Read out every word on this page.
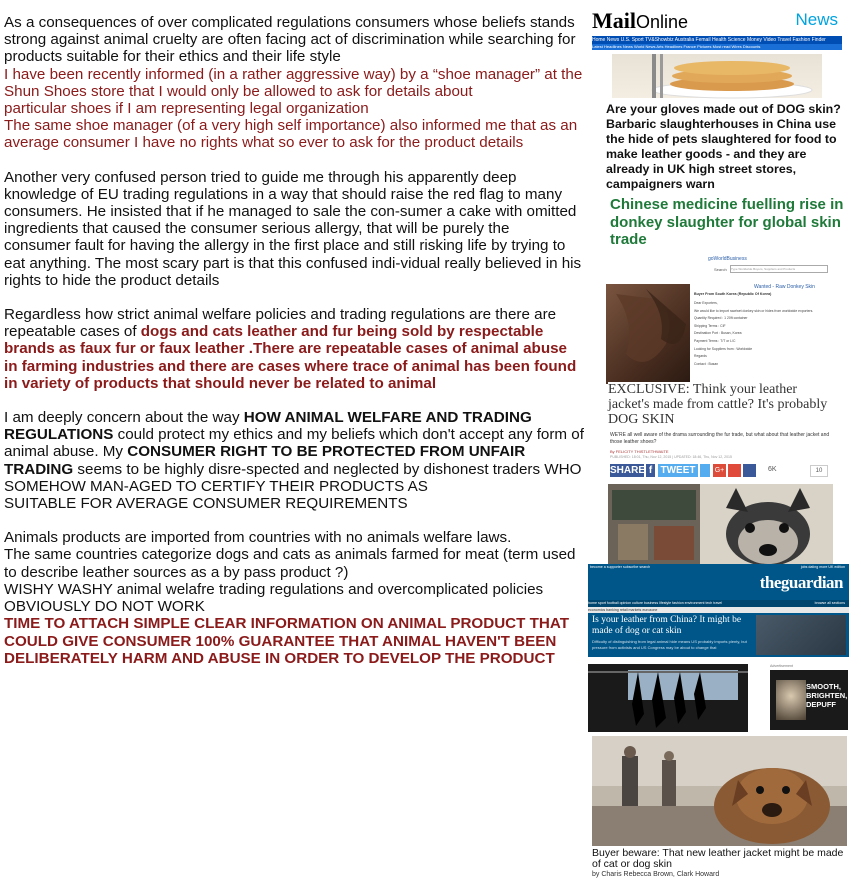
As a consequences of over complicated regulations consumers whose beliefs stands strong against animal cruelty are often facing act of discrimination while searching for products suitable for their ethics and their life style

I have been recently informed (in a rather aggressive way) by a “shoe manager” at the Shun Shoes store that I would only be allowed to ask for details about

particular shoes if I am representing legal organization

The same shoe manager (of a very high self importance) also informed me that as an average consumer I have no rights what so ever to ask for the product details

Another very confused person tried to guide me through his apparently deep

knowledge of EU trading regulations in a way that should raise the red flag to many consumers. He insisted that if he managed to sale the con-sumer a cake with omitted ingredients that caused the consumer serious allergy, that will be purely the

consumer fault for having the allergy in the first place and still risking life by trying to eat anything. The most scary part is that this confused indi-vidual really believed in his rights to hide the product details

Regardless how strict animal welfare policies and trading regulations are there are

repeatable cases of dogs and cats leather and fur being sold by respectable brands as faux fur or faux leather .There are repeatable cases of animal abuse in farming industries and there are cases where trace of animal has been found in variety of products that should never be related to animal

I am deeply concern about the way HOW ANIMAL WELFARE AND TRADING REGULATIONS could protect my ethics and my beliefs which don't accept any form of animal abuse. My CONSUMER RIGHT TO BE PROTECTED FROM UNFAIR TRADING seems to be highly disre-spected and neglected by dishonest traders WHO SOMEHOW MAN-AGED TO CERTIFY THEIR PRODUCTS AS

SUITABLE FOR AVERAGE CONSUMER REQUIREMENTS

Animals products are imported from countries with no animals welfare laws.

The same countries categorize dogs and cats as animals farmed for meat (term used to describe leather sources as a by pass product ?)

WISHY WASHY animal welafre trading regulations and overcomplicated policies

OBVIOUSLY DO NOT WORK

TIME TO ATTACH SIMPLE CLEAR INFORMATION ON ANIMAL PRODUCT THAT COULD GIVE CONSUMER 100% GUARANTEE THAT ANIMAL HAVEN'T BEEN DELIBERATELY HARM AND ABUSE IN ORDER TO DEVELOP THE PRODUCT

MailOnline	News
Home News U.S. Sport TV&Showbiz Australia Femail Health Science Money Video Travel Fashion Finder
Latest Headlines News World News Arts Headlines France Pictures Most read Wires Discounts
Are your gloves made out of DOG skin? Barbaric slaughterhouses in China use the hide of pets slaughtered for food to make leather goods - and they are already in UK high street stores, campaigners warn
Chinese medicine fuelling rise in donkey slaughter for global skin trade
goWorldBusiness
Search	Type Worldwide Buyers, Suppliers and Products
Wanted - Raw Donkey Skin
Buyer From South Korea (Republic Of Korea)
Dear Exporters,
We would like to import raw/wet donkey skin or hides from worldwide exporters.
Quantity Required : 1 20ft container
Shipping Terms : CIF
Destination Port : Busan, Korea
Payment Terms : T/T or L/C
Looking for Suppliers from : Worldwide
Regards
Contact : Busan
EXCLUSIVE: Think your leather jacket's made from cattle? It's probably DOG SKIN
WE'RE all well aware of the drama surrounding the fur trade, but what about that leather jacket and those leather shoes?
By FELICITY THISTLETHWAITE
PUBLISHED: 18:01, Thu, Nov 12, 2015 | UPDATED: 18:46, Thu, Nov 12, 2015
SHARE f TWEET	G+	6K	10
become a supporter subscribe search	jobs dating more UK edition
theguardian
home sport football opinion culture business lifestyle fashion environment tech travel	browse all sections
economics banking retail markets eurozone
Is your leather from China? It might be made of dog or cat skin
Difficulty of distinguishing from legal animal hide means US probably imports plenty, but pressure from activists and US Congress may be about to change that
Advertisement
SMOOTH,
BRIGHTEN,
DEPUFF
Buyer beware: That new leather jacket might be made of cat or dog skin
by Charis Rebecca Brown, Clark Howard
